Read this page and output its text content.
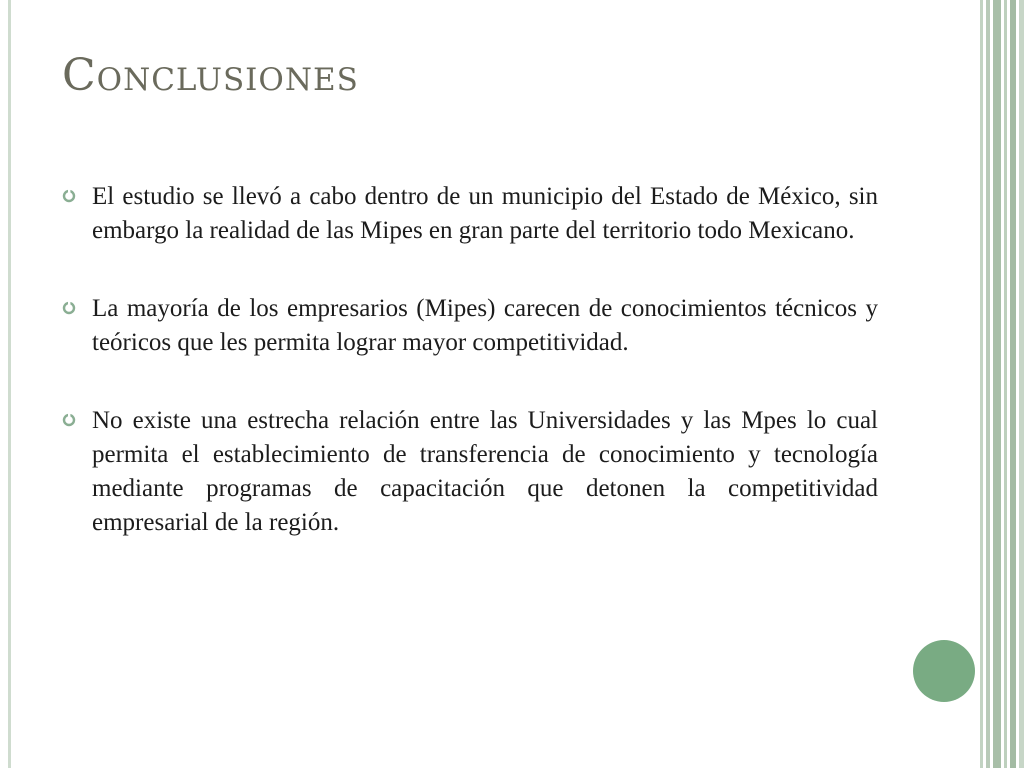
Conclusiones
El estudio se llevó a cabo dentro de un municipio del Estado de México, sin embargo la realidad de las Mipes en gran parte del territorio todo Mexicano.
La mayoría de los empresarios (Mipes) carecen de conocimientos técnicos y teóricos que les permita lograr mayor competitividad.
No existe una estrecha relación entre las Universidades y las Mpes lo cual permita el establecimiento de transferencia de conocimiento y tecnología mediante programas de capacitación que detonen la competitividad empresarial de la región.
